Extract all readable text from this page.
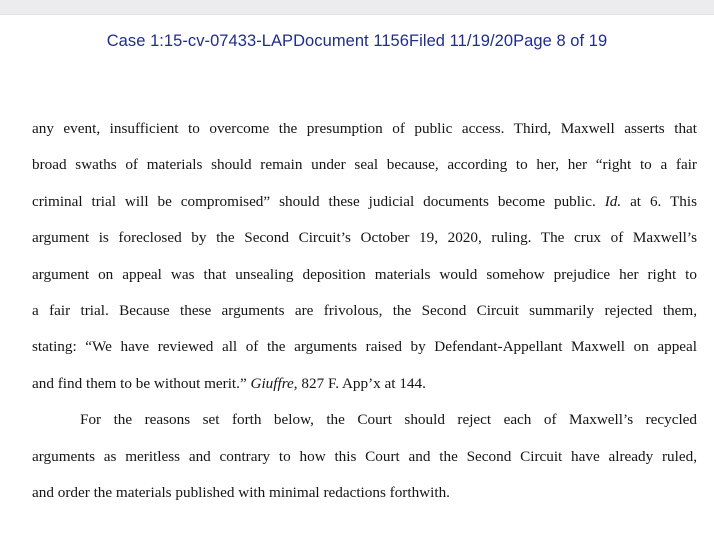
Case 1:15-cv-07433-LAPDocument 1156Filed 11/19/20Page 8 of 19
any event, insufficient to overcome the presumption of public access. Third, Maxwell asserts that
broad swaths of materials should remain under seal because, according to her, her “right to a fair
criminal trial will be compromised” should these judicial documents become public. Id. at 6. This
argument is foreclosed by the Second Circuit’s October 19, 2020, ruling. The crux of Maxwell’s
argument on appeal was that unsealing deposition materials would somehow prejudice her right to
a fair trial. Because these arguments are frivolous, the Second Circuit summarily rejected them,
stating: “We have reviewed all of the arguments raised by Defendant-Appellant Maxwell on appeal
and find them to be without merit.” Giuffre, 827 F. App’x at 144.
For the reasons set forth below, the Court should reject each of Maxwell’s recycled
arguments as meritless and contrary to how this Court and the Second Circuit have already ruled,
and order the materials published with minimal redactions forthwith.
